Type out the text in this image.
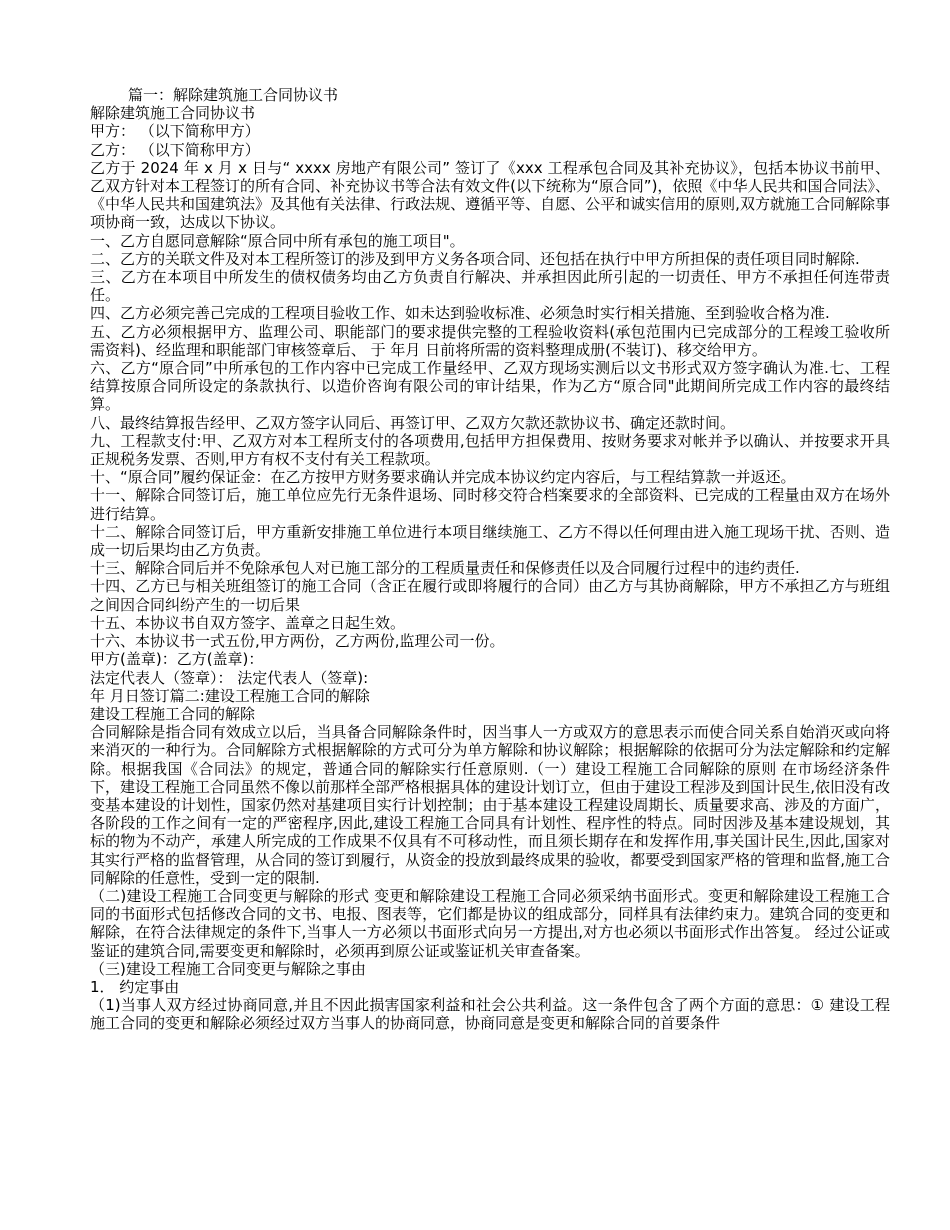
篇一：解除建筑施工合同协议书

解除建筑施工合同协议书

甲方： （以下简称甲方）

乙方： （以下简称甲方）

乙方于 2024 年 x 月 x 日与“ xxxx 房地产有限公司” 签订了《xxx 工程承包合同及其补充协议》，包括本协议书前甲、乙双方针对本工程签订的所有合同、补充协议书等合法有效文件(以下统称为“原合同”)，依照《中华人民共和国合同法》、《中华人民共和国建筑法》及其他有关法律、行政法规、遵循平等、自愿、公平和诚实信用的原则,双方就施工合同解除事项协商一致，达成以下协议。

一、乙方自愿同意解除“原合同中所有承包的施工项目"。

二、乙方的关联文件及对本工程所签订的涉及到甲方义务各项合同、还包括在执行中甲方所担保的责任项目同时解除.

三、乙方在本项目中所发生的债权债务均由乙方负责自行解决、并承担因此所引起的一切责任、甲方不承担任何连带责任。

四、乙方必须完善己完成的工程项目验收工作、如未达到验收标准、必须急时实行相关措施、至到验收合格为准.

五、乙方必须根据甲方、监理公司、职能部门的要求提供完整的工程验收资料(承包范围内已完成部分的工程竣工验收所需资料)、经监理和职能部门审核签章后、 于 年月 日前将所需的资料整理成册(不装订)、移交给甲方。

六、乙方“原合同”中所承包的工作内容中已完成工作量经甲、乙双方现场实测后以文书形式双方签字确认为准.七、工程结算按原合同所设定的条款执行、以造价咨询有限公司的审计结果，作为乙方“原合同"此期间所完成工作内容的最终结算。

八、最终结算报告经甲、乙双方签字认同后、再签订甲、乙双方欠款还款协议书、确定还款时间。

九、工程款支付:甲、乙双方对本工程所支付的各项费用,包括甲方担保费用、按财务要求对帐并予以确认、并按要求开具正规税务发票、否则,甲方有权不支付有关工程款项。

十、“原合同”履约保证金：在乙方按甲方财务要求确认并完成本协议约定内容后，与工程结算款一并返还。

十一、解除合同签订后，施工单位应先行无条件退场、同时移交符合档案要求的全部资料、已完成的工程量由双方在场外进行结算。

十二、解除合同签订后，甲方重新安排施工单位进行本项目继续施工、乙方不得以任何理由进入施工现场干扰、否则、造成一切后果均由乙方负责。

十三、解除合同后并不免除承包人对已施工部分的工程质量责任和保修责任以及合同履行过程中的违约责任.

十四、乙方已与相关班组签订的施工合同（含正在履行或即将履行的合同）由乙方与其协商解除，甲方不承担乙方与班组之间因合同纠纷产生的一切后果

十五、本协议书自双方签字、盖章之日起生效。

十六、本协议书一式五份,甲方两份，乙方两份,监理公司一份。

甲方(盖章)：乙方(盖章)：

法定代表人（签章）： 法定代表人（签章):

年 月日签订篇二:建设工程施工合同的解除

建设工程施工合同的解除

合同解除是指合同有效成立以后，当具备合同解除条件时，因当事人一方或双方的意思表示而使合同关系自始消灭或向将来消灭的一种行为。合同解除方式根据解除的方式可分为单方解除和协议解除；根据解除的依据可分为法定解除和约定解除。根据我国《合同法》的规定，普通合同的解除实行任意原则.（一）建设工程施工合同解除的原则 在市场经济条件下，建设工程施工合同虽然不像以前那样全部严格根据具体的建设计划订立，但由于建设工程涉及到国计民生,依旧没有改变基本建设的计划性，国家仍然对基建项目实行计划控制；由于基本建设工程建设周期长、质量要求高、涉及的方面广，各阶段的工作之间有一定的严密程序,因此,建设工程施工合同具有计划性、程序性的特点。同时因涉及基本建设规划，其标的物为不动产，承建人所完成的工作成果不仅具有不可移动性，而且须长期存在和发挥作用,事关国计民生,因此,国家对其实行严格的监督管理，从合同的签订到履行，从资金的投放到最终成果的验收，都要受到国家严格的管理和监督,施工合同解除的任意性，受到一定的限制.

（二)建设工程施工合同变更与解除的形式 变更和解除建设工程施工合同必须采纳书面形式。变更和解除建设工程施工合同的书面形式包括修改合同的文书、电报、图表等，它们都是协议的组成部分，同样具有法律约束力。建筑合同的变更和解除，在符合法律规定的条件下,当事人一方必须以书面形式向另一方提出,对方也必须以书面形式作出答复。 经过公证或鉴证的建筑合同,需要变更和解除时，必须再到原公证或鉴证机关审查备案。

（三)建设工程施工合同变更与解除之事由

1． 约定事由

（1)当事人双方经过协商同意,并且不因此损害国家利益和社会公共利益。这一条件包含了两个方面的意思：① 建设工程施工合同的变更和解除必须经过双方当事人的协商同意，协商同意是变更和解除合同的首要条件
